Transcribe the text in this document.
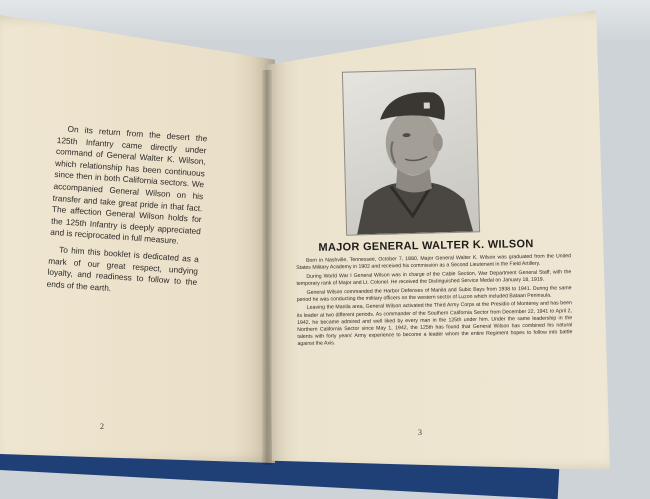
On its return from the desert the 125th Infantry came directly under command of General Walter K. Wilson, which relationship has been continuous since then in both California sectors. We accompanied General Wilson on his transfer and take great pride in that fact. The affection General Wilson holds for the 125th Infantry is deeply appreciated and is reciprocated in full measure.

To him this booklet is dedicated as a mark of our great respect, undying loyalty, and readiness to follow to the ends of the earth.

2
MAJOR GENERAL WALTER K. WILSON

Born in Nashville, Tennessee, October 7, 1880, Major General Walter K. Wilson was graduated from the United States Military Academy in 1902 and received his commission as a Second Lieutenant in the Field Artillery.

During World War I General Wilson was in charge of the Cable Section, War Department General Staff, with the temporary rank of Major and Lt. Colonel. He received the Distinguished Service Medal on January 18, 1919.

General Wilson commanded the Harbor Defenses of Manila and Subic Bays from 1938 to 1941. During the same period he was conducting the military officers on the western sector of Luzon which included Bataan Peninsula.

Leaving the Manila area, General Wilson activated the Third Army Corps at the Presidio of Monterey and has been its leader at two different periods. As commander of the Southern California Sector from December 22, 1941 to April 2, 1942, he became admired and well liked by every man in the 125th under him. Under the same leadership in the Northern California Sector since May 1, 1942, the 125th has found that General Wilson has combined his natural talents with forty years' Army experience to become a leader whom the entire Regiment hopes to follow into battle against the Axis.

3
